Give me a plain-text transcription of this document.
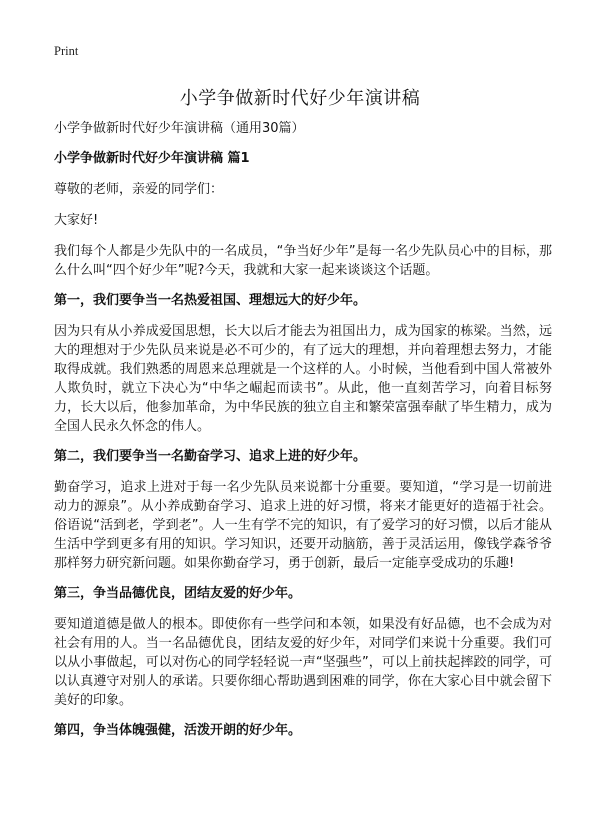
Print
小学争做新时代好少年演讲稿
小学争做新时代好少年演讲稿（通用30篇）
小学争做新时代好少年演讲稿 篇1
尊敬的老师，亲爱的同学们：
大家好!
我们每个人都是少先队中的一名成员，“争当好少年”是每一名少先队员心中的目标，那么什么叫“四个好少年”呢?今天，我就和大家一起来谈谈这个话题。
第一，我们要争当一名热爱祖国、理想远大的好少年。
因为只有从小养成爱国思想，长大以后才能去为祖国出力，成为国家的栋梁。当然，远大的理想对于少先队员来说是必不可少的，有了远大的理想，并向着理想去努力，才能取得成就。我们熟悉的周恩来总理就是一个这样的人。小时候，当他看到中国人常被外人欺负时，就立下决心为“中华之崛起而读书”。从此，他一直刻苦学习，向着目标努力，长大以后，他参加革命，为中华民族的独立自主和繁荣富强奉献了毕生精力，成为全国人民永久怀念的伟人。
第二，我们要争当一名勤奋学习、追求上进的好少年。
勤奋学习，追求上进对于每一名少先队员来说都十分重要。要知道，“学习是一切前进动力的源泉”。从小养成勤奋学习、追求上进的好习惯，将来才能更好的造福于社会。俗语说“活到老，学到老”。人一生有学不完的知识，有了爱学习的好习惯，以后才能从生活中学到更多有用的知识。学习知识，还要开动脑筋，善于灵活运用，像钱学森爷爷那样努力研究新问题。如果你勤奋学习，勇于创新，最后一定能享受成功的乐趣!
第三，争当品德优良，团结友爱的好少年。
要知道道德是做人的根本。即使你有一些学问和本领，如果没有好品德，也不会成为对社会有用的人。当一名品德优良，团结友爱的好少年，对同学们来说十分重要。我们可以从小事做起，可以对伤心的同学轻轻说一声“坚强些”，可以上前扶起摔跤的同学，可以认真遵守对别人的承诺。只要你细心帮助遇到困难的同学，你在大家心目中就会留下美好的印象。
第四，争当体魄强健，活泼开朗的好少年。
